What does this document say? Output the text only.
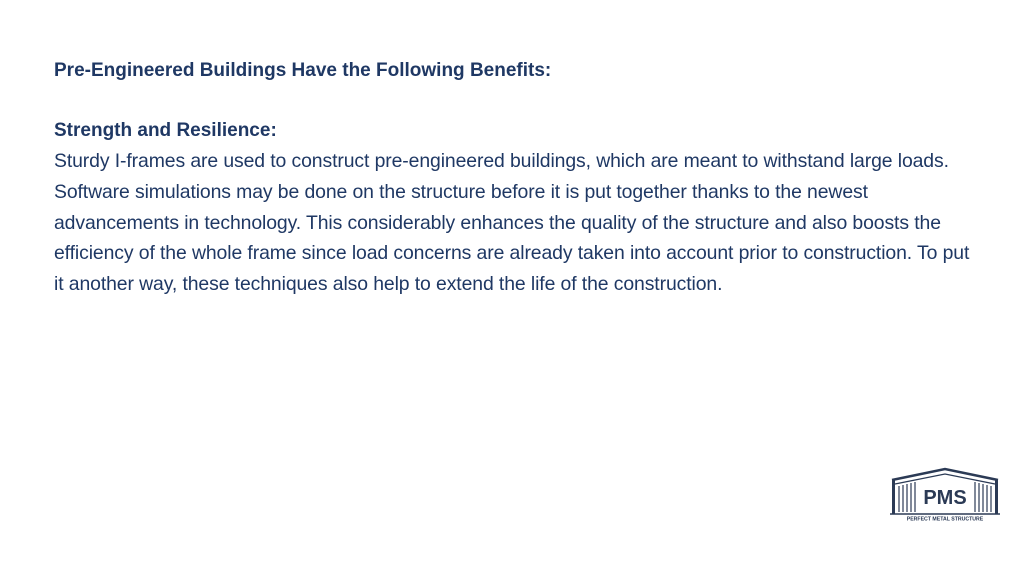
Pre-Engineered Buildings Have the Following Benefits:

Strength and Resilience:

Sturdy I-frames are used to construct pre-engineered buildings, which are meant to withstand large loads. Software simulations may be done on the structure before it is put together thanks to the newest advancements in technology. This considerably enhances the quality of the structure and also boosts the efficiency of the whole frame since load concerns are already taken into account prior to construction. To put it another way, these techniques also help to extend the life of the construction.

PMS
PERFECT METAL STRUCTURE
